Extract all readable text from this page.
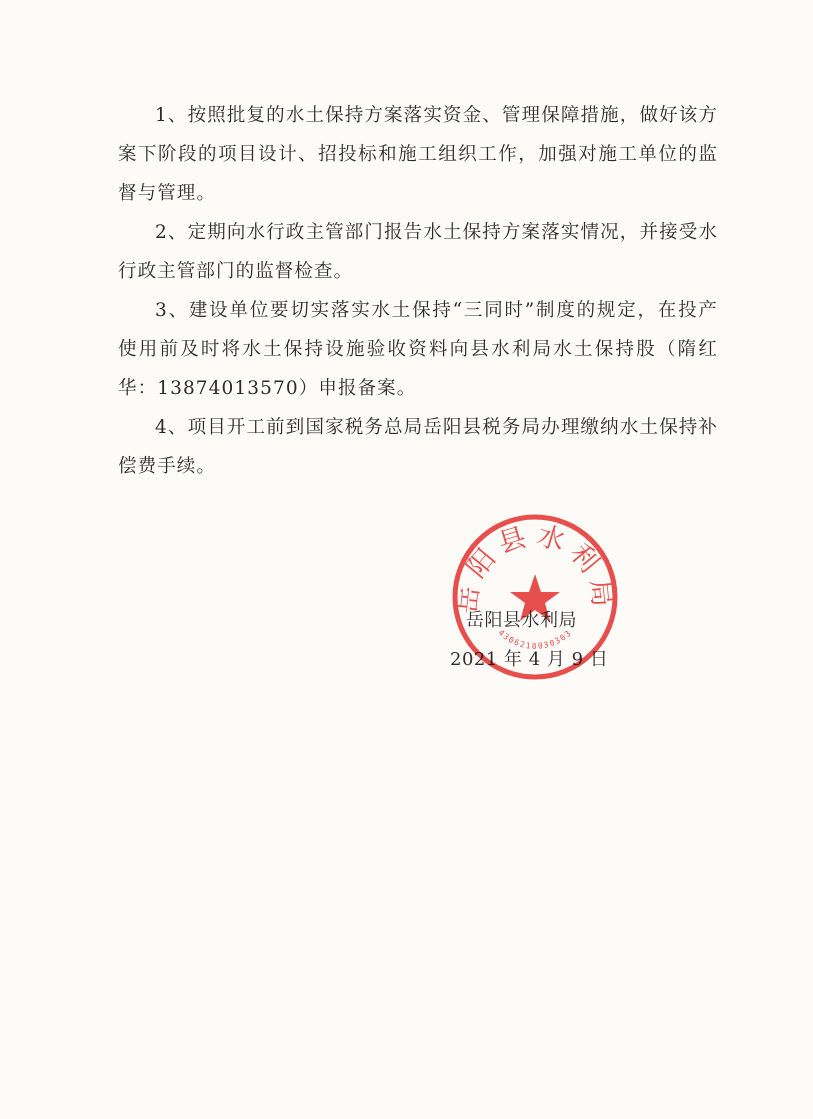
1、按照批复的水土保持方案落实资金、管理保障措施，做好该方案下阶段的项目设计、招投标和施工组织工作，加强对施工单位的监督与管理。

2、定期向水行政主管部门报告水土保持方案落实情况，并接受水行政主管部门的监督检查。

3、建设单位要切实落实水土保持“三同时”制度的规定，在投产使用前及时将水土保持设施验收资料向县水利局水土保持股（隋红华：13874013570）申报备案。

4、项目开工前到国家税务总局岳阳县税务局办理缴纳水土保持补偿费手续。

岳阳县水利局
2021 年 4 月 9 日
岳阳县水利局
4306210030303
